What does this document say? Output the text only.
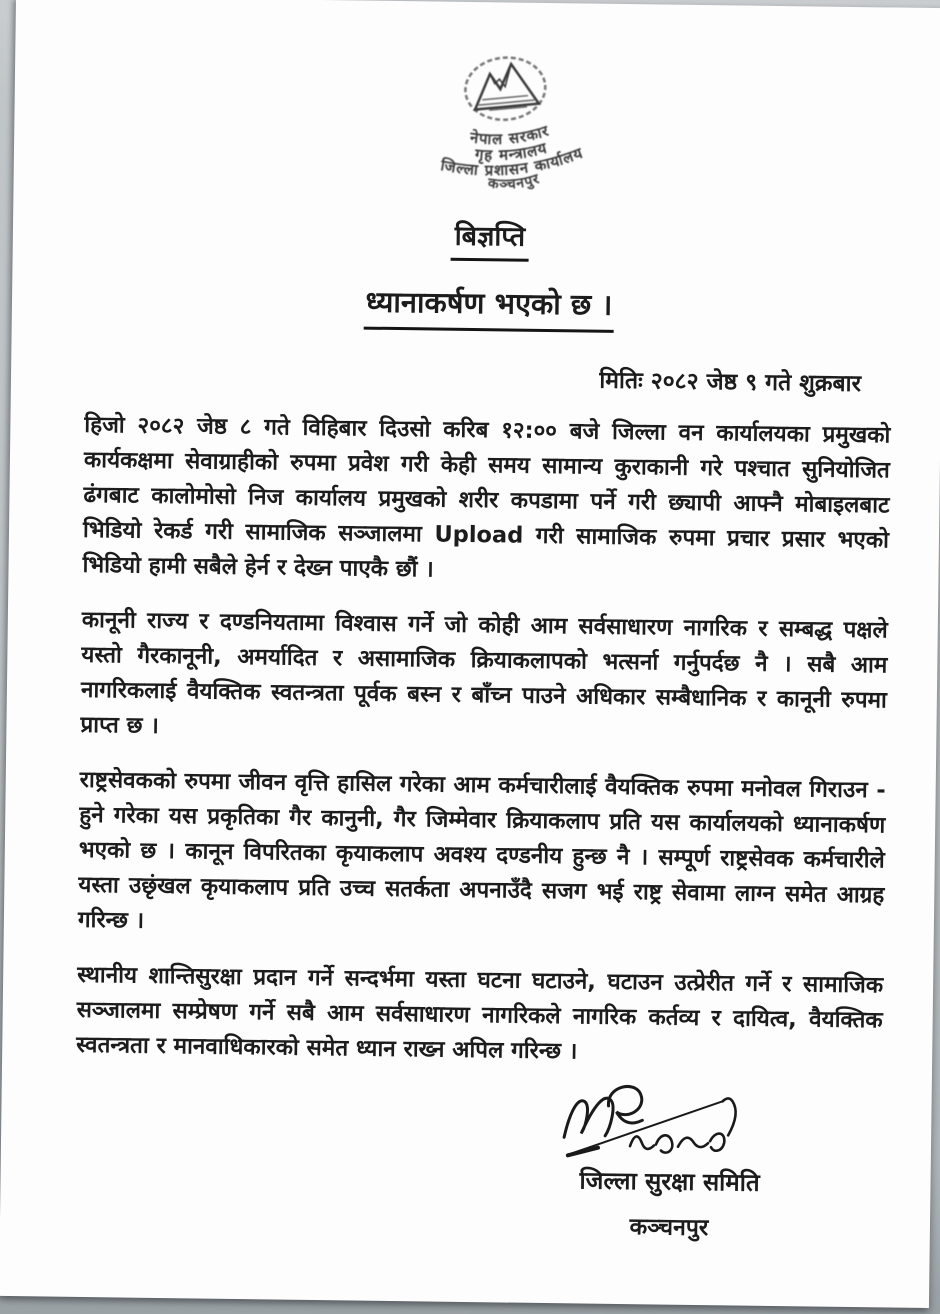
नेपाल सरकार
गृह मन्त्रालय
जिल्ला प्रशासन कार्यालय
कञ्चनपुर
बिज्ञप्ति
ध्यानाकर्षण भएको छ ।
मितिः २०८२ जेष्ठ ९ गते शुक्रबार

हिजो २०८२ जेष्ठ ८ गते विहिबार दिउसो करिब १२:०० बजे जिल्ला वन कार्यालयका प्रमुखको कार्यकक्षमा सेवाग्राहीको रुपमा प्रवेश गरी केही समय सामान्य कुराकानी गरे पश्चात सुनियोजित ढंगबाट कालोमोसो निज कार्यालय प्रमुखको शरीर कपडामा पर्ने गरी छ्यापी आफ्नै मोबाइलबाट भिडियो रेकर्ड गरी सामाजिक सञ्जालमा Upload गरी सामाजिक रुपमा प्रचार प्रसार भएको भिडियो हामी सबैले हेर्न र देख्न पाएकै छौं ।

कानूनी राज्य र दण्डनियतामा विश्वास गर्ने जो कोही आम सर्वसाधारण नागरिक र सम्बद्ध पक्षले यस्तो गैरकानूनी, अमर्यादित र असामाजिक क्रियाकलापको भत्सर्ना गर्नुपर्दछ नै । सबै आम नागरिकलाई वैयक्तिक स्वतन्त्रता पूर्वक बस्न र बाँच्न पाउने अधिकार सम्बैधानिक र कानूनी रुपमा प्राप्त छ ।

राष्ट्रसेवकको रुपमा जीवन वृत्ति हासिल गरेका आम कर्मचारीलाई वैयक्तिक रुपमा मनोवल गिराउन - हुने गरेका यस प्रकृतिका गैर कानुनी, गैर जिम्मेवार क्रियाकलाप प्रति यस कार्यालयको ध्यानाकर्षण भएको छ । कानून विपरितका कृयाकलाप अवश्य दण्डनीय हुन्छ नै । सम्पूर्ण राष्ट्रसेवक कर्मचारीले यस्ता उछृंखल कृयाकलाप प्रति उच्च सतर्कता अपनाउँदै सजग भई राष्ट्र सेवामा लाग्न समेत आग्रह गरिन्छ ।

स्थानीय शान्तिसुरक्षा प्रदान गर्ने सन्दर्भमा यस्ता घटना घटाउने, घटाउन उत्प्रेरीत गर्ने र सामाजिक सञ्जालमा सम्प्रेषण गर्ने सबै आम सर्वसाधारण नागरिकले नागरिक कर्तव्य र दायित्व, वैयक्तिक स्वतन्त्रता र मानवाधिकारको समेत ध्यान राख्न अपिल गरिन्छ ।

जिल्ला सुरक्षा समिति
कञ्चनपुर
